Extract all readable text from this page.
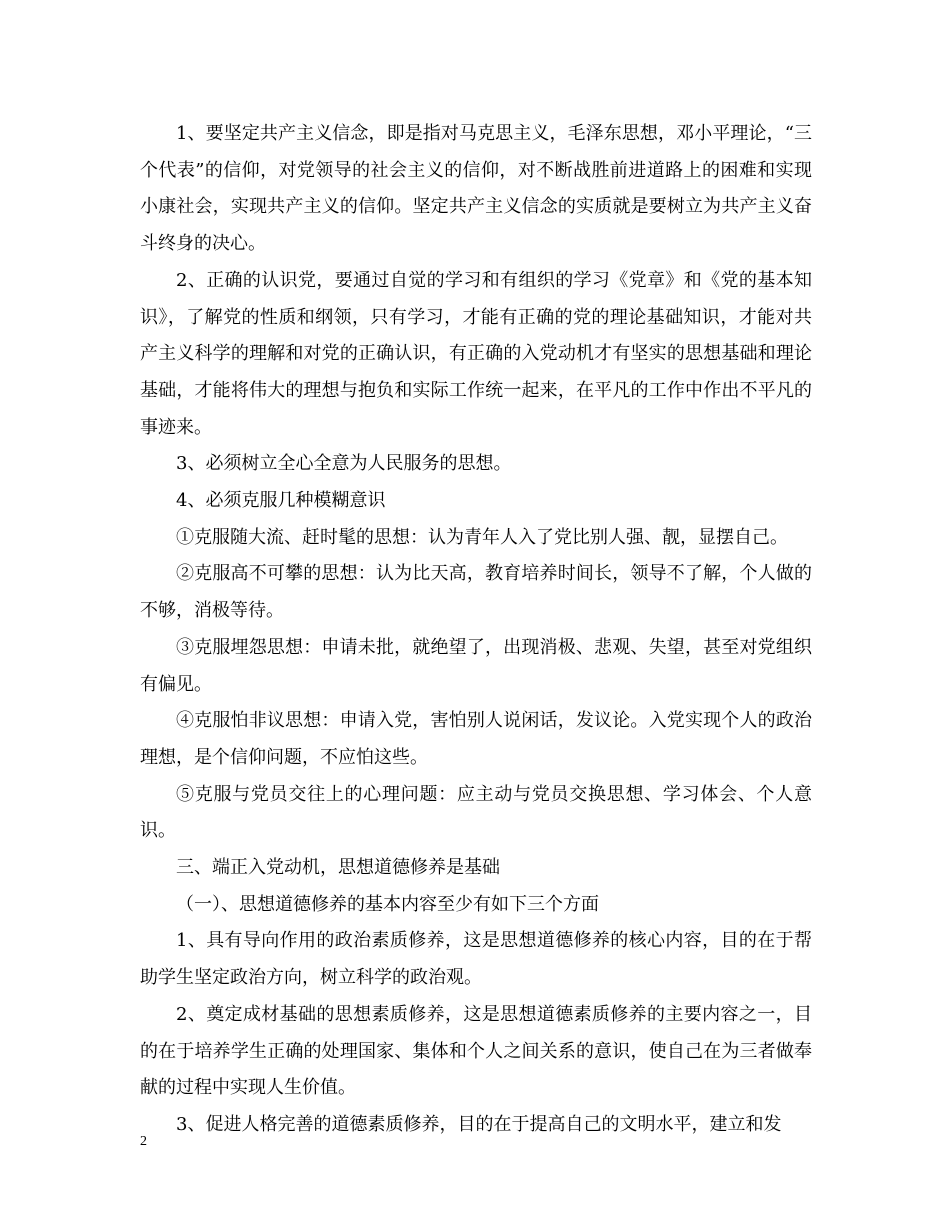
1、要坚定共产主义信念，即是指对马克思主义，毛泽东思想，邓小平理论，“三个代表”的信仰，对党领导的社会主义的信仰，对不断战胜前进道路上的困难和实现小康社会，实现共产主义的信仰。坚定共产主义信念的实质就是要树立为共产主义奋斗终身的决心。

2、正确的认识党，要通过自觉的学习和有组织的学习《党章》和《党的基本知识》，了解党的性质和纲领，只有学习，才能有正确的党的理论基础知识，才能对共产主义科学的理解和对党的正确认识，有正确的入党动机才有坚实的思想基础和理论基础，才能将伟大的理想与抱负和实际工作统一起来，在平凡的工作中作出不平凡的事迹来。

3、必须树立全心全意为人民服务的思想。

4、必须克服几种模糊意识

①克服随大流、赶时髦的思想：认为青年人入了党比别人强、靓，显摆自己。

②克服高不可攀的思想：认为比天高，教育培养时间长，领导不了解，个人做的不够，消极等待。

③克服埋怨思想：申请未批，就绝望了，出现消极、悲观、失望，甚至对党组织有偏见。

④克服怕非议思想：申请入党，害怕别人说闲话，发议论。入党实现个人的政治理想，是个信仰问题，不应怕这些。

⑤克服与党员交往上的心理问题：应主动与党员交换思想、学习体会、个人意识。

三、端正入党动机，思想道德修养是基础

（一）、思想道德修养的基本内容至少有如下三个方面

1、具有导向作用的政治素质修养，这是思想道德修养的核心内容，目的在于帮助学生坚定政治方向，树立科学的政治观。

2、奠定成材基础的思想素质修养，这是思想道德素质修养的主要内容之一，目的在于培养学生正确的处理国家、集体和个人之间关系的意识，使自己在为三者做奉献的过程中实现人生价值。

3、促进人格完善的道德素质修养，目的在于提高自己的文明水平，建立和发

2
